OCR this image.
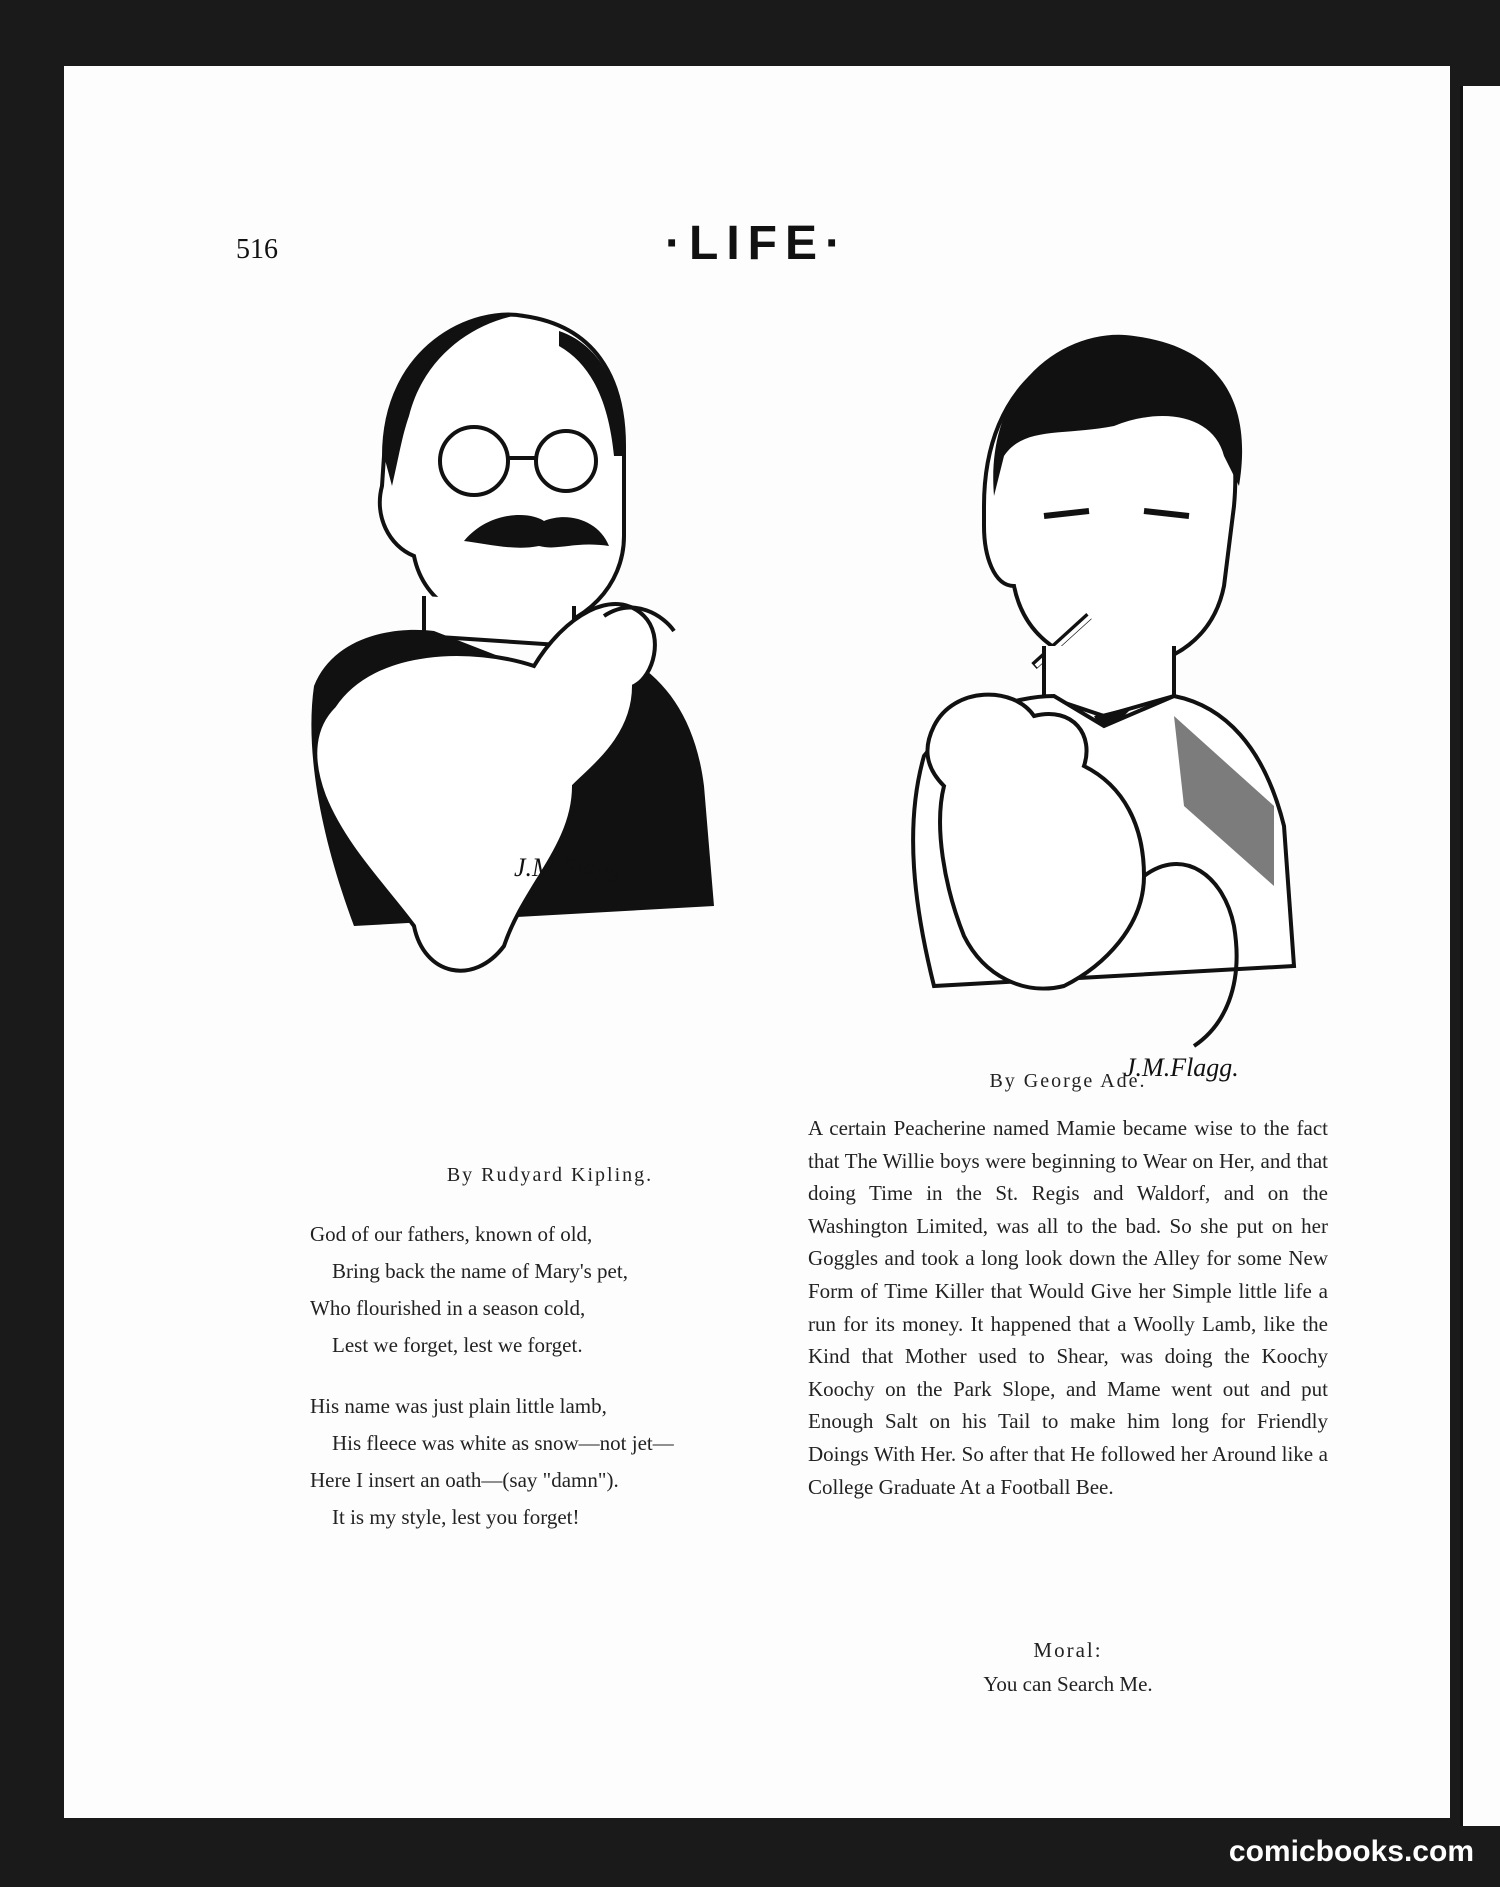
516	·LIFE·
J.M.Flagg.
J.M.Flagg.
By Rudyard Kipling.
God of our fathers, known of old,
Bring back the name of Mary's pet,
Who flourished in a season cold,
Lest we forget, lest we forget.
His name was just plain little lamb,
His fleece was white as snow—not jet—
Here I insert an oath—(say "damn").
It is my style, lest you forget!
By George Ade.
A certain Peacherine named Mamie became wise to the fact that The Willie boys were beginning to Wear on Her, and that doing Time in the St. Regis and Waldorf, and on the Washington Limited, was all to the bad. So she put on her Goggles and took a long look down the Alley for some New Form of Time Killer that Would Give her Simple little life a run for its money. It happened that a Woolly Lamb, like the Kind that Mother used to Shear, was doing the Koochy Koochy on the Park Slope, and Mame went out and put Enough Salt on his Tail to make him long for Friendly Doings With Her. So after that He followed her Around like a College Graduate At a Football Bee.
Moral:
You can Search Me.
comicbooks.com
